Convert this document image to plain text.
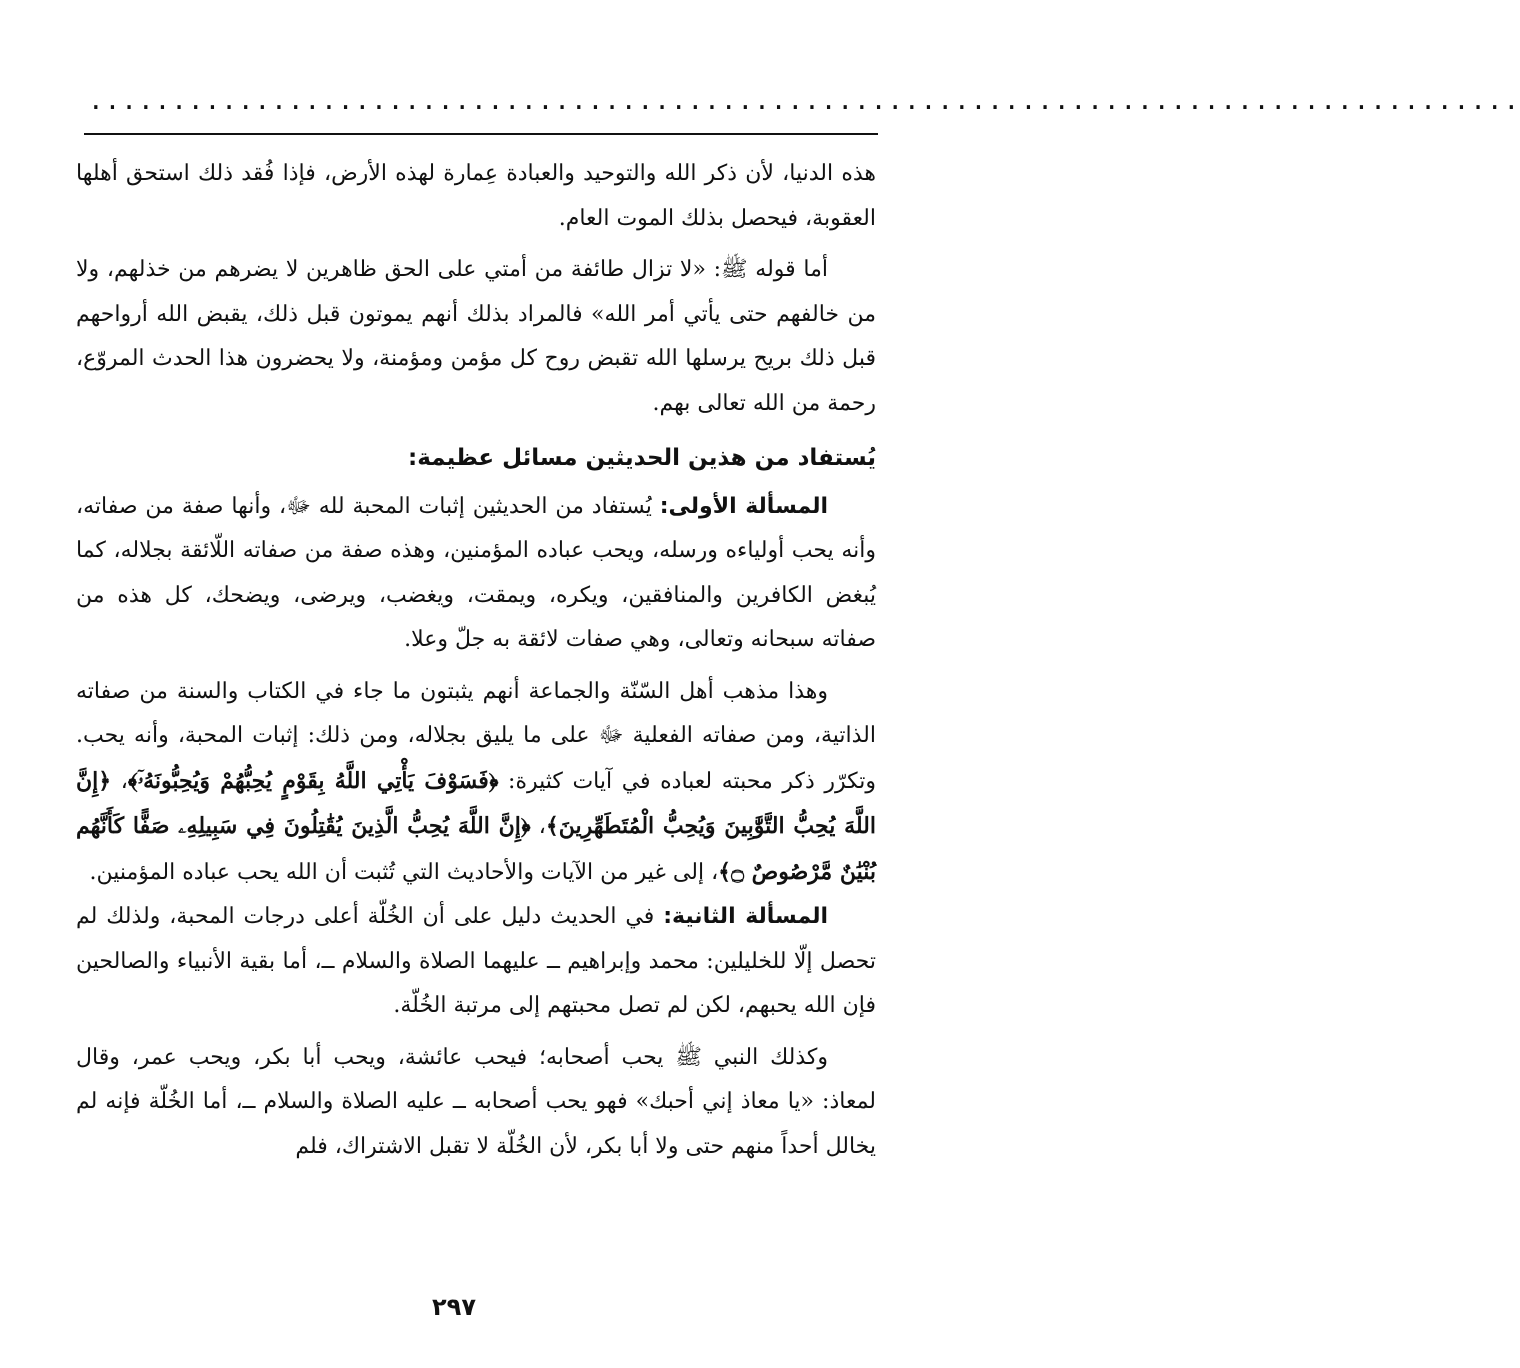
......................................................................................

هذه الدنيا، لأن ذكر الله والتوحيد والعبادة عِمارة لهذه الأرض، فإذا فُقد ذلك استحق أهلها العقوبة، فيحصل بذلك الموت العام.

أما قوله ﷺ: «لا تزال طائفة من أمتي على الحق ظاهرين لا يضرهم من خذلهم، ولا من خالفهم حتى يأتي أمر الله» فالمراد بذلك أنهم يموتون قبل ذلك، يقبض الله أرواحهم قبل ذلك بريح يرسلها الله تقبض روح كل مؤمن ومؤمنة، ولا يحضرون هذا الحدث المروّع، رحمة من الله تعالى بهم.

يُستفاد من هذين الحديثين مسائل عظيمة:

المسألة الأولى: يُستفاد من الحديثين إثبات المحبة لله ﷻ، وأنها صفة من صفاته، وأنه يحب أولياءه ورسله، ويحب عباده المؤمنين، وهذه صفة من صفاته اللّائقة بجلاله، كما يُبغض الكافرين والمنافقين، ويكره، ويمقت، ويغضب، ويرضى، ويضحك، كل هذه من صفاته سبحانه وتعالى، وهي صفات لائقة به جلّ وعلا.

وهذا مذهب أهل السّنّة والجماعة أنهم يثبتون ما جاء في الكتاب والسنة من صفاته الذاتية، ومن صفاته الفعلية ﷻ على ما يليق بجلاله، ومن ذلك: إثبات المحبة، وأنه يحب. وتكرّر ذكر محبته لعباده في آيات كثيرة: ﴿فَسَوْفَ يَأْتِي اللَّهُ بِقَوْمٍ يُحِبُّهُمْ وَيُحِبُّونَهُۥٓ﴾، ﴿إِنَّ اللَّهَ يُحِبُّ التَّوَّٰبِينَ وَيُحِبُّ الْمُتَطَهِّرِينَ﴾، ﴿إِنَّ اللَّهَ يُحِبُّ الَّذِينَ يُقَٰتِلُونَ فِي سَبِيلِهِۦ صَفًّا كَأَنَّهُم بُنْيَٰنٌ مَّرْصُوصٌ ۝﴾، إلى غير من الآيات والأحاديث التي تُثبت أن الله يحب عباده المؤمنين.

المسألة الثانية: في الحديث دليل على أن الخُلّة أعلى درجات المحبة، ولذلك لم تحصل إلّا للخليلين: محمد وإبراهيم ــ عليهما الصلاة والسلام ــ، أما بقية الأنبياء والصالحين فإن الله يحبهم، لكن لم تصل محبتهم إلى مرتبة الخُلّة.

وكذلك النبي ﷺ يحب أصحابه؛ فيحب عائشة، ويحب أبا بكر، ويحب عمر، وقال لمعاذ: «يا معاذ إني أحبك» فهو يحب أصحابه ــ عليه الصلاة والسلام ــ، أما الخُلّة فإنه لم يخالل أحداً منهم حتى ولا أبا بكر، لأن الخُلّة لا تقبل الاشتراك، فلم

٢٩٧
